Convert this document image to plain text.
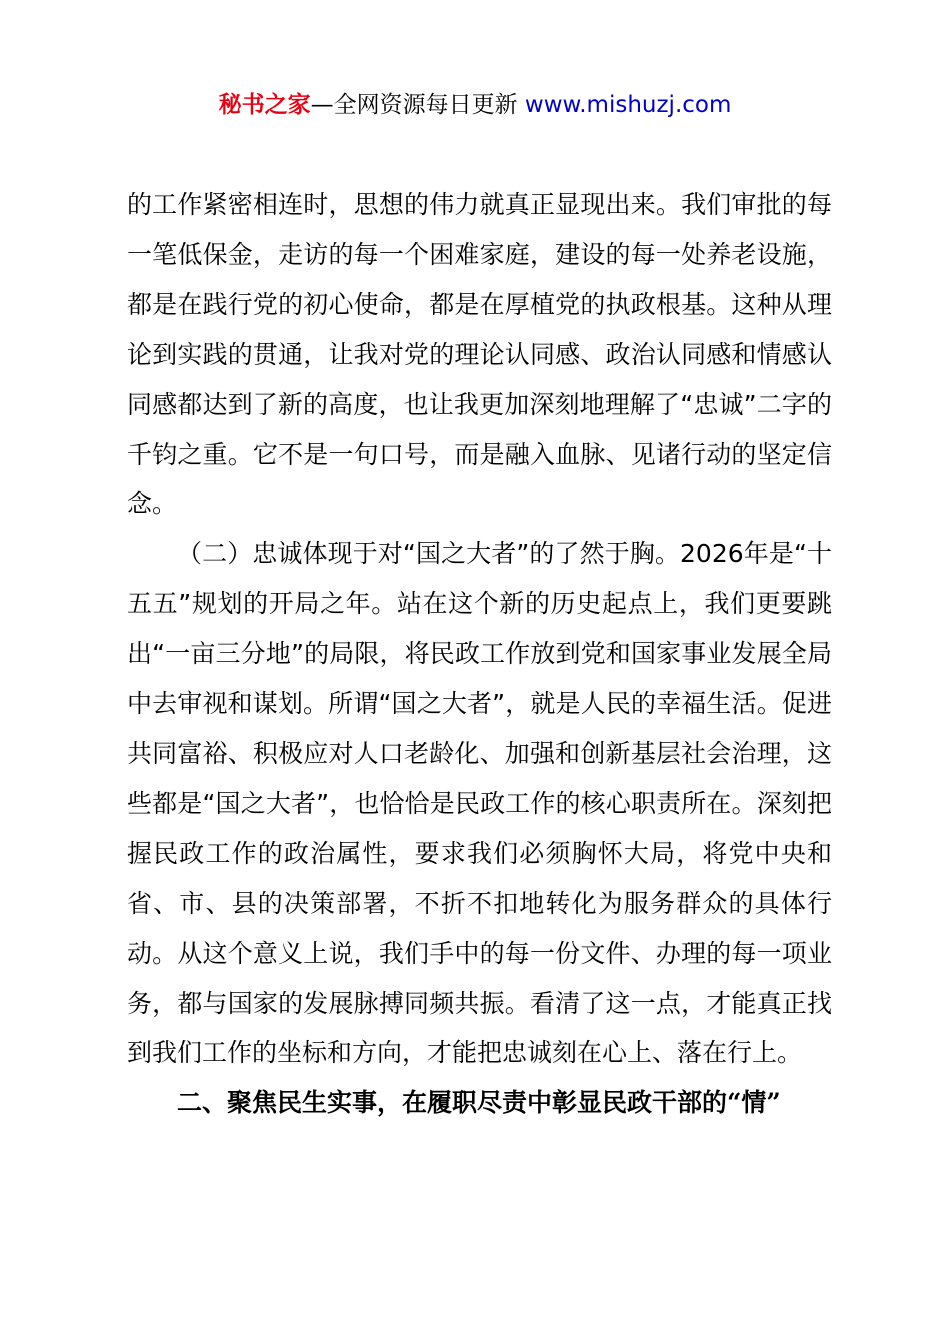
秘书之家—全网资源每日更新 www.mishuzj.com

的工作紧密相连时，思想的伟力就真正显现出来。我们审批的每一笔低保金，走访的每一个困难家庭，建设的每一处养老设施，都是在践行党的初心使命，都是在厚植党的执政根基。这种从理论到实践的贯通，让我对党的理论认同感、政治认同感和情感认同感都达到了新的高度，也让我更加深刻地理解了“忠诚”二字的千钧之重。它不是一句口号，而是融入血脉、见诸行动的坚定信念。

（二）忠诚体现于对“国之大者”的了然于胸。2026年是“十五五”规划的开局之年。站在这个新的历史起点上，我们更要跳出“一亩三分地”的局限，将民政工作放到党和国家事业发展全局中去审视和谋划。所谓“国之大者”，就是人民的幸福生活。促进共同富裕、积极应对人口老龄化、加强和创新基层社会治理，这些都是“国之大者”，也恰恰是民政工作的核心职责所在。深刻把握民政工作的政治属性，要求我们必须胸怀大局，将党中央和省、市、县的决策部署，不折不扣地转化为服务群众的具体行动。从这个意义上说，我们手中的每一份文件、办理的每一项业务，都与国家的发展脉搏同频共振。看清了这一点，才能真正找到我们工作的坐标和方向，才能把忠诚刻在心上、落在行上。

二、聚焦民生实事，在履职尽责中彰显民政干部的“情”
